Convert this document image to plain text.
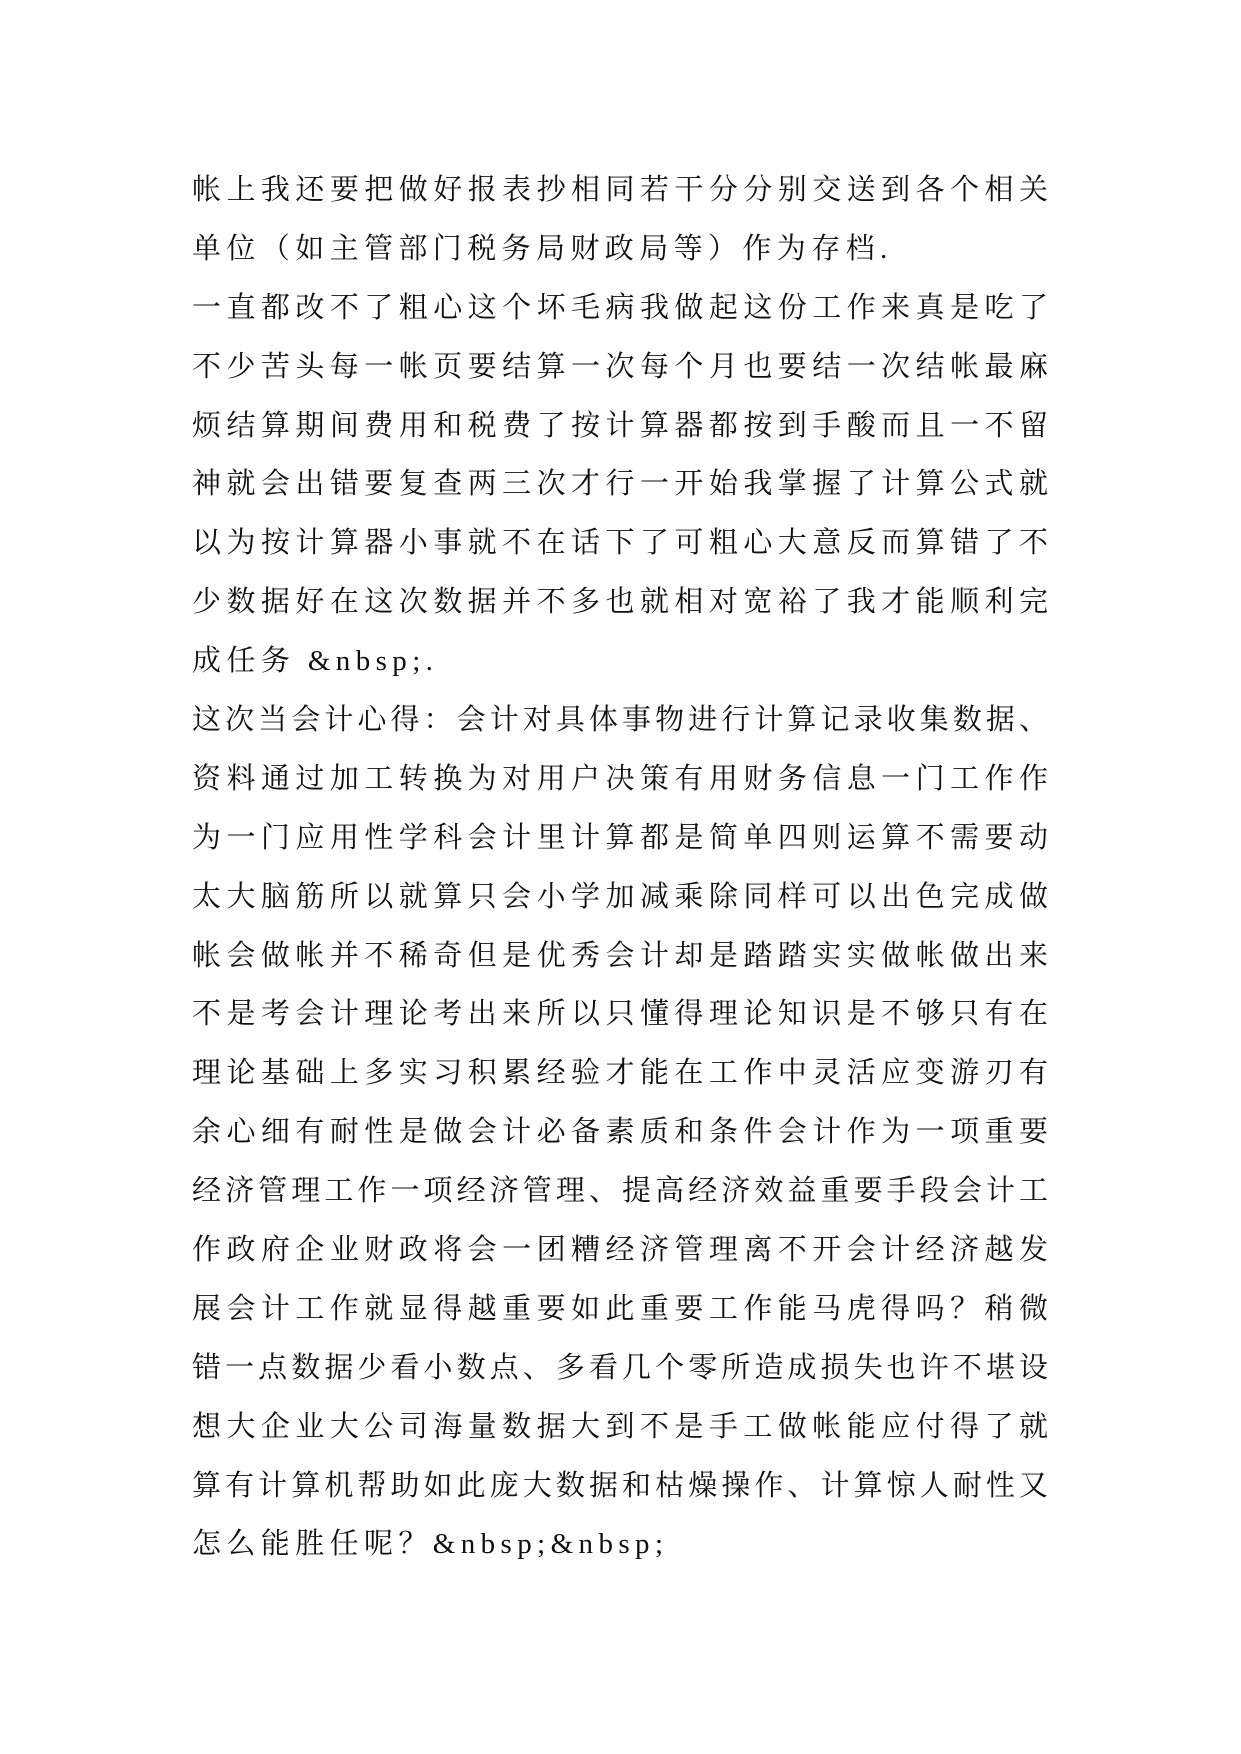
帐上我还要把做好报表抄相同若干分分别交送到各个相关
单位（如主管部门税务局财政局等）作为存档.
一直都改不了粗心这个坏毛病我做起这份工作来真是吃了
不少苦头每一帐页要结算一次每个月也要结一次结帐最麻
烦结算期间费用和税费了按计算器都按到手酸而且一不留
神就会出错要复查两三次才行一开始我掌握了计算公式就
以为按计算器小事就不在话下了可粗心大意反而算错了不
少数据好在这次数据并不多也就相对宽裕了我才能顺利完
成任务 &nbsp;.
这次当会计心得：会计对具体事物进行计算记录收集数据、
资料通过加工转换为对用户决策有用财务信息一门工作作
为一门应用性学科会计里计算都是简单四则运算不需要动
太大脑筋所以就算只会小学加减乘除同样可以出色完成做
帐会做帐并不稀奇但是优秀会计却是踏踏实实做帐做出来
不是考会计理论考出来所以只懂得理论知识是不够只有在
理论基础上多实习积累经验才能在工作中灵活应变游刃有
余心细有耐性是做会计必备素质和条件会计作为一项重要
经济管理工作一项经济管理、提高经济效益重要手段会计工
作政府企业财政将会一团糟经济管理离不开会计经济越发
展会计工作就显得越重要如此重要工作能马虎得吗？稍微
错一点数据少看小数点、多看几个零所造成损失也许不堪设
想大企业大公司海量数据大到不是手工做帐能应付得了就
算有计算机帮助如此庞大数据和枯燥操作、计算惊人耐性又
怎么能胜任呢？&nbsp;&nbsp;
